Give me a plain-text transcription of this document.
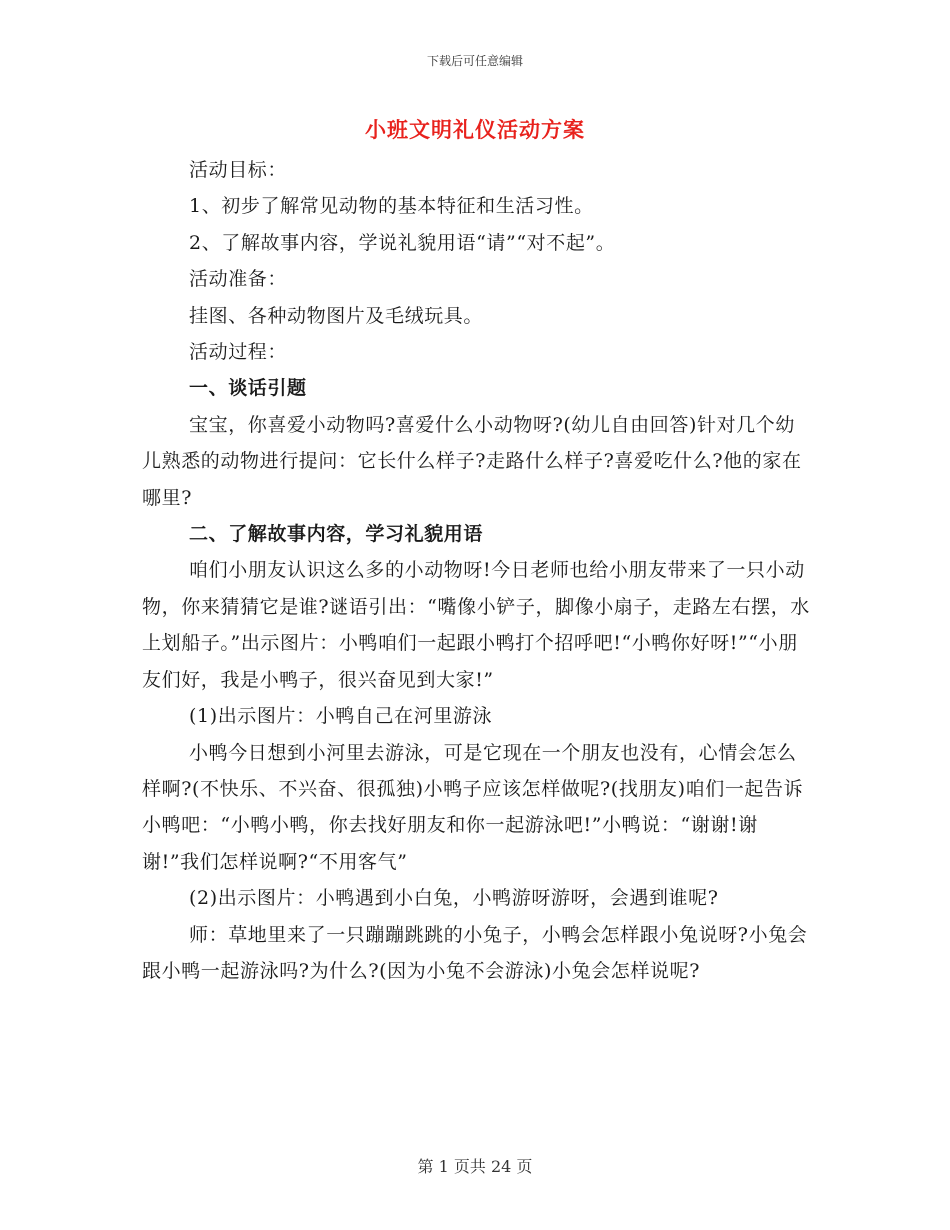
下载后可任意编辑
小班文明礼仪活动方案

活动目标：

1、初步了解常见动物的基本特征和生活习性。

2、了解故事内容，学说礼貌用语“请”“对不起”。

活动准备：

挂图、各种动物图片及毛绒玩具。

活动过程：

一、谈话引题

宝宝，你喜爱小动物吗?喜爱什么小动物呀?(幼儿自由回答)针对几个幼儿熟悉的动物进行提问：它长什么样子?走路什么样子?喜爱吃什么?他的家在哪里?

二、了解故事内容，学习礼貌用语

咱们小朋友认识这么多的小动物呀!今日老师也给小朋友带来了一只小动物，你来猜猜它是谁?谜语引出：“嘴像小铲子，脚像小扇子，走路左右摆，水上划船子。”出示图片：小鸭咱们一起跟小鸭打个招呼吧!“小鸭你好呀!”“小朋友们好，我是小鸭子，很兴奋见到大家!”

(1)出示图片：小鸭自己在河里游泳

小鸭今日想到小河里去游泳，可是它现在一个朋友也没有，心情会怎么样啊?(不快乐、不兴奋、很孤独)小鸭子应该怎样做呢?(找朋友)咱们一起告诉小鸭吧：“小鸭小鸭，你去找好朋友和你一起游泳吧!”小鸭说：“谢谢!谢谢!”我们怎样说啊?“不用客气”

(2)出示图片：小鸭遇到小白兔，小鸭游呀游呀，会遇到谁呢?

师：草地里来了一只蹦蹦跳跳的小兔子，小鸭会怎样跟小兔说呀?小兔会跟小鸭一起游泳吗?为什么?(因为小兔不会游泳)小兔会怎样说呢?

第 1 页共 24 页
